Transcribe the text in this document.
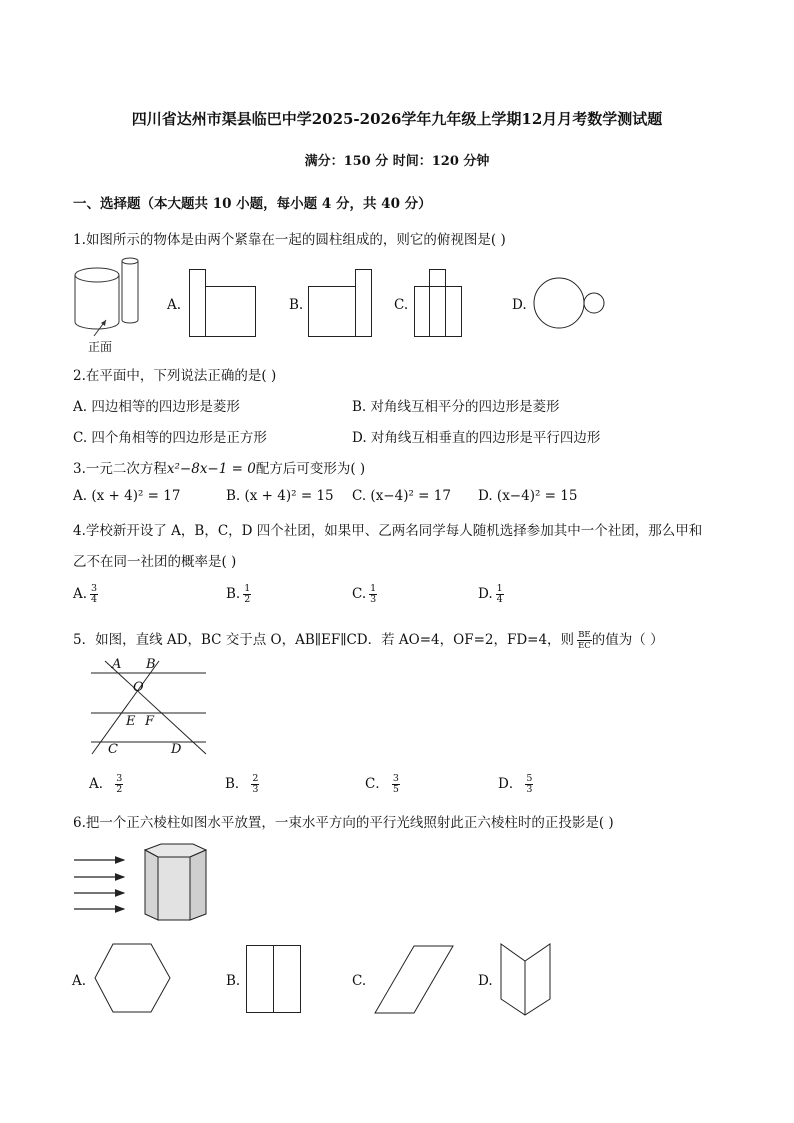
四川省达州市渠县临巴中学2025-2026学年九年级上学期12月月考数学测试题
满分：150 分 时间：120 分钟
一、选择题（本大题共 10 小题，每小题 4 分，共 40 分）
1.如图所示的物体是由两个紧靠在一起的圆柱组成的，则它的俯视图是( )
正面
A.	B.	C.	D.
2.在平面中，下列说法正确的是( )
A. 四边相等的四边形是菱形	B. 对角线互相平分的四边形是菱形
C. 四个角相等的四边形是正方形	D. 对角线互相垂直的四边形是平行四边形
3.一元二次方程x²−8x−1 = 0配方后可变形为( )
A. (x + 4)² = 17	B. (x + 4)² = 15 C. (x−4)² = 17 D. (x−4)² = 15
4.学校新开设了 A，B，C，D 四个社团，如果甲、乙两名同学每人随机选择参加其中一个社团，那么甲和
乙不在同一社团的概率是( )
A. $\frac{3}{4}$	B. $\frac{1}{2}$	C. $\frac{1}{3}$	D. $\frac{1}{4}$
5．如图，直线 AD，BC 交于点 O，AB∥EF∥CD．若 AO=4，OF=2，FD=4，则 $\frac{BE}{EC}$ 的值为（ ）
A B
O
E F
C	D
A． $\frac{3}{2}$	B． $\frac{2}{3}$	C． $\frac{3}{5}$	D． $\frac{5}{3}$
6.把一个正六棱柱如图水平放置，一束水平方向的平行光线照射此正六棱柱时的正投影是( )
A.	B.	C.	D.
